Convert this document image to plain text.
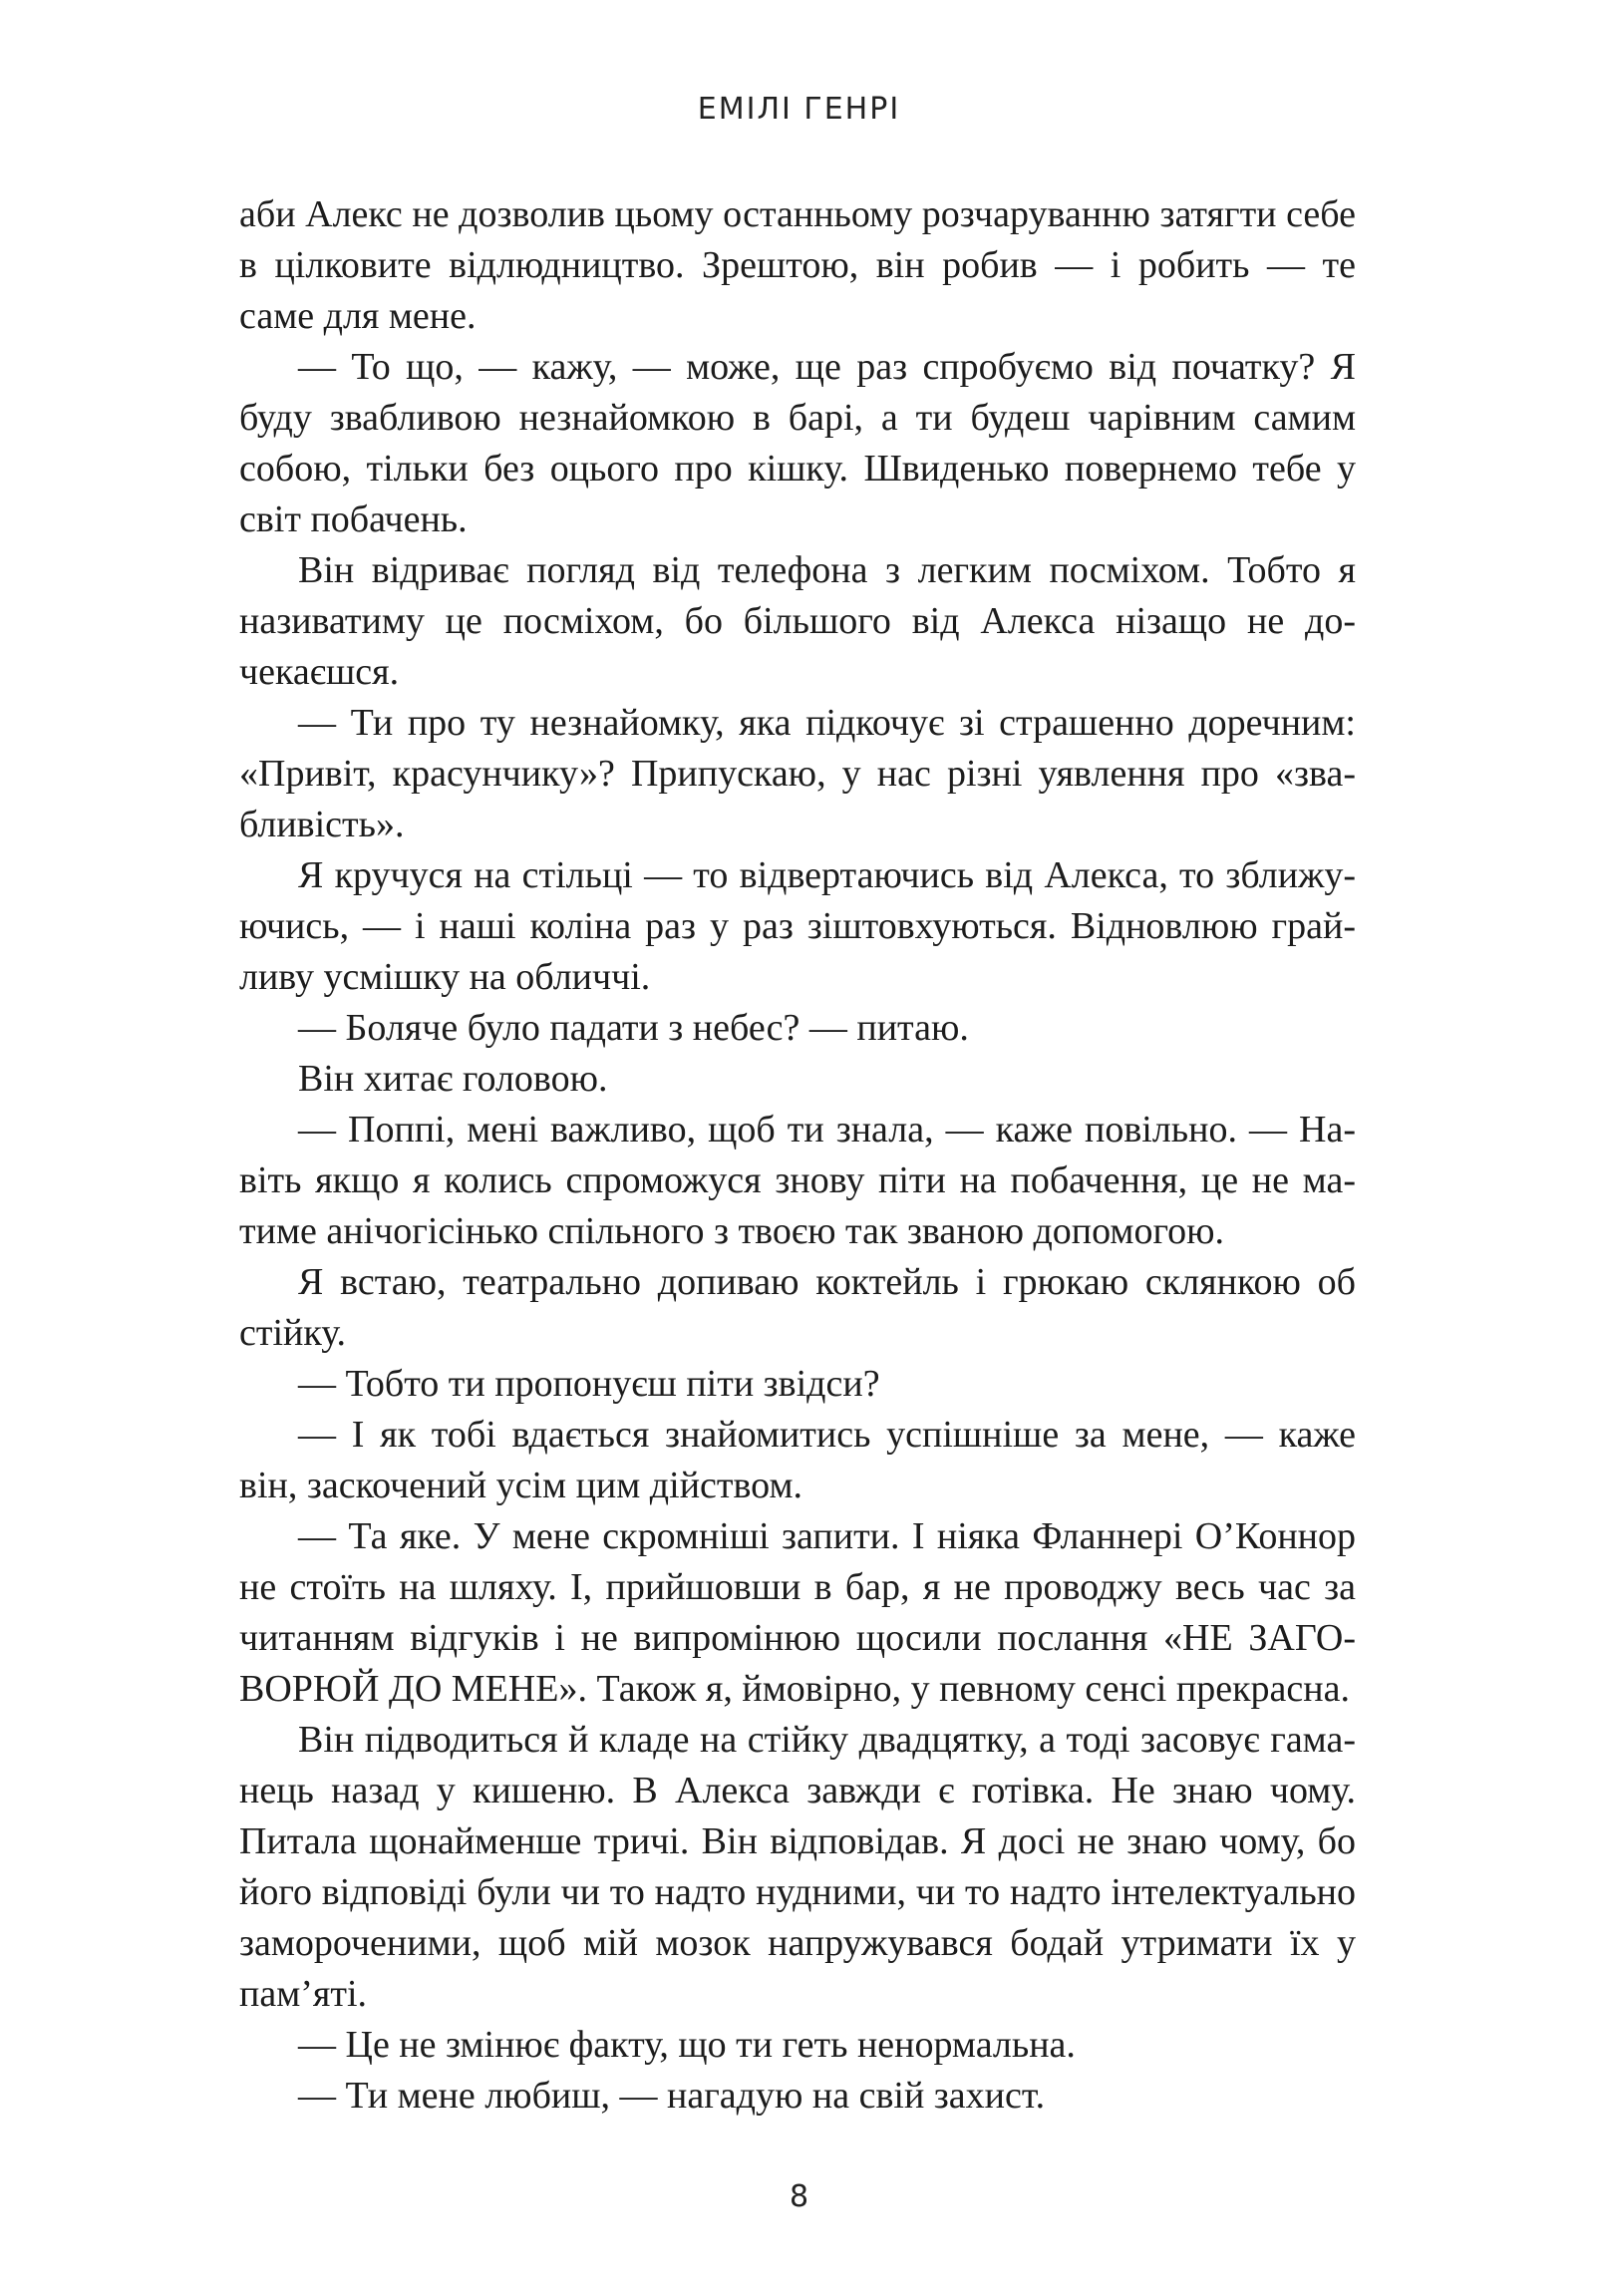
ЕМІЛІ ГЕНРІ

аби Алекс не дозволив цьому останньому розчаруванню затягти себе в цілковите відлюдництво. Зрештою, він робив — і робить — те саме для мене.

— То що, — кажу, — може, ще раз спробуємо від початку? Я буду звабливою незнайомкою в барі, а ти будеш чарівним самим собою, тільки без оцього про кішку. Швиденько повернемо тебе у світ побачень.

Він відриває погляд від телефона з легким посміхом. Тобто я називатиму це посміхом, бо більшого від Алекса нізащо не дочекаєшся.

— Ти про ту незнайомку, яка підкочує зі страшенно доречним: «Привіт, красунчику»? Припускаю, у нас різні уявлення про «звабливість».

Я кручуся на стільці — то відвертаючись від Алекса, то зближуючись, — і наші коліна раз у раз зіштовхуються. Відновлюю грайливу усмішку на обличчі.

— Боляче було падати з небес? — питаю.

Він хитає головою.

— Поппі, мені важливо, щоб ти знала, — каже повільно. — Навіть якщо я колись спроможуся знову піти на побачення, це не матиме анічогісінько спільного з твоєю так званою допомогою.

Я встаю, театрально допиваю коктейль і грюкаю склянкою об стійку.

— Тобто ти пропонуєш піти звідси?

— І як тобі вдається знайомитись успішніше за мене, — каже він, заскочений усім цим дійством.

— Та яке. У мене скромніші запити. І ніяка Фланнері О’Коннор не стоїть на шляху. І, прийшовши в бар, я не проводжу весь час за читанням відгуків і не випромінюю щосили послання «НЕ ЗАГОВОРЮЙ ДО МЕНЕ». Також я, ймовірно, у певному сенсі прекрасна.

Він підводиться й кладе на стійку двадцятку, а тоді засовує гаманець назад у кишеню. В Алекса завжди є готівка. Не знаю чому. Питала щонайменше тричі. Він відповідав. Я досі не знаю чому, бо його відповіді були чи то надто нудними, чи то надто інтелектуально замороченими, щоб мій мозок напружувався бодай утримати їх у пам’яті.

— Це не змінює факту, що ти геть ненормальна.

— Ти мене любиш, — нагадую на свій захист.

8
